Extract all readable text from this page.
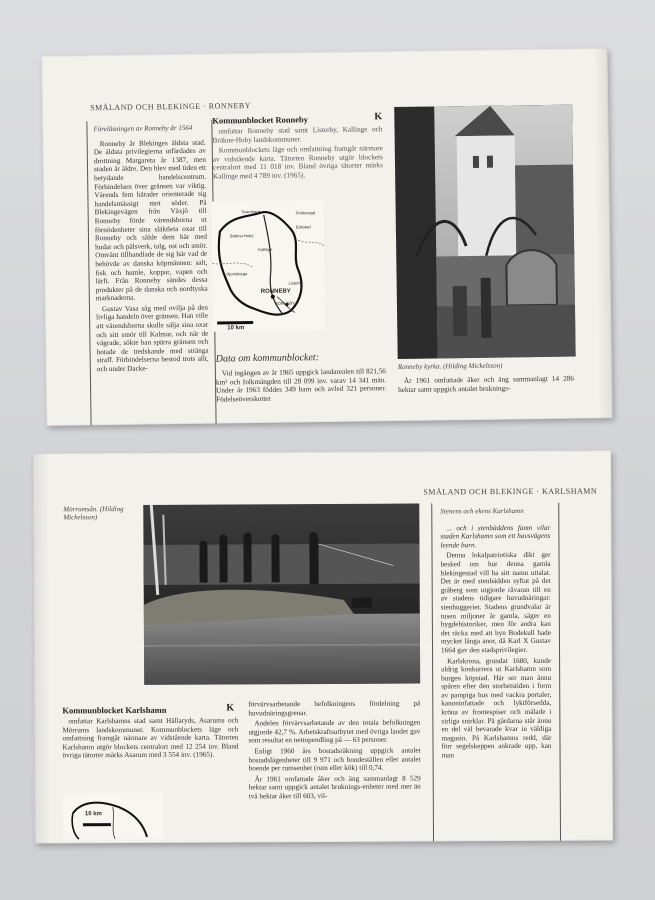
SMÅLAND OCH BLEKINGE · RONNEBY
Föreläsningen av Ronneby år 1564

Ronneby år Blekinges äldsta stad. De äldsta privilegierna utfärdades av drottning Margareta år 1387, men staden år äldre. Den blev med tiden ett betydande handelscentrum. Förbindelsen över gränsen var viktig. Värends fem härader orienterade sig handelsmässigt mot söder. På Blekingevägen från Växjö till Ronneby förde värendsborna ut förnödenheter sina släktleta oxar till Ronneby och sålde dem här med hudar och pälsverk, talg, ost och smör. Omvänt tillhandlade de sig här vad de behövde av danska köpmännen: salt, fisk och humle, koppar, vapen och lärft. Från Ronneby sändes dessa produkter på de danska och nordtyska marknaderna.

Gustav Vasa såg med ovilja på den livliga handeln över gränsen. Han ville att värendsborna skulle sälja sina oxar och sitt smör till Kalmar, och när de vägrade, sökte han spärra gränsen och hotade de tredskande med stränga straff. Förbindelserna bestod trots allt, och under Dacke-

Kommunblocket Ronneby	K

omfattar Ronneby stad samt Listerby, Kallinge och Bräkne-Hoby landskommuner.

Kommunblockets läge och omfattning framgår närmare av vidstående karta. Tätorten Ronneby utgör blockets centralort med 11 018 inv. Bland övriga tätorter märks Kallinge med 4 789 inv. (1965).

Saxemara
RONNEBY
Listerby
Kallinge
Hjortsberga
Bräkne-Hoby
Edestad
RONNEBY
Fridlevstad
10 km
Data om kommunblocket:

Vid ingången av år 1965 uppgick landarealen till 821,56 km² och folkmängden till 28 099 inv. varav 14 341 män. Under år 1963 föddes 349 barn och avled 321 personer. Födelseöverskottet

Ronneby kyrka. (Hilding Mickelsson)

År 1961 omfattade åker och äng sammanlagt 14 286 hektar samt uppgick antalet bruknings-

SMÅLAND OCH BLEKINGE · KARLSHAMN
Mörrumsån. (Hilding Mickelsson)
Stenens och ekens Karlshamn

... och i stenbäddens famn vilar staden Karlshamn som ett havsvägens leende barn.

Denna lokalpatriotiska dikt ger besked om hur denna gamla blekingestad vill ha sitt namn uttalat. Det är med stenbädden syftat på det gråberg som utgjorde råvaran till en av stadens tidigare huvudnäringar: stenhuggeriet. Stadens grundvalar är tusen miljoner år gamla, säger en bygdehistoriker, men för andra kan det räcka med att byn Bodekull hade mycket långa anor, då Karl X Gustav 1664 gav den stadsprivilegier.

Karlskrona, grundat 1680, kunde aldrig konkurrera ut Karlshamn som burgen köpstad. Här ser man ännu spåren efter den storhetstiden i form av pampiga hus med vackra portaler, kanoninfattade och lyktförsedda, kröna av frontespiser och mälade i sirliga snirklar. På gårdarna står ännu en del väl bevarade kvar in väldiga magasin. På Karlshamns redd, där förr segelskeppen ankrade upp, kan man

Kommunblocket Karlshamn	K

omfattar Karlshamns stad samt Hällaryds, Asarums och Mörrums landskommuner. Kommunblockets läge och omfattning framgår närmare av vidstående karta. Tätorten Karlshamn utgör blockets centralort med 12 254 inv. Bland övriga tätorter märks Asarum med 3 554 inv. (1965).

10 km

förvärvsarbetande befolkningens fördelning på huvudnäringsgrenar.

Andelen förvärvsarbetande av den totala befolkningen utgjorde 42,7 %. Arbetskraftsutbytet med övriga landet gav som resultat en nettopendling på — 63 personer.

Enligt 1960 års bostadsräkning uppgick antalet bostadslägenheter till 9 971 och bondeställen eller antalet boende per rumsenhet (rum eller kök) till 0,74.

År 1961 omfattade åker och äng sammanlagt 8 529 hektar samt uppgick antalet bruknings-enheter med mer än två hektar åker till 603, vil-
